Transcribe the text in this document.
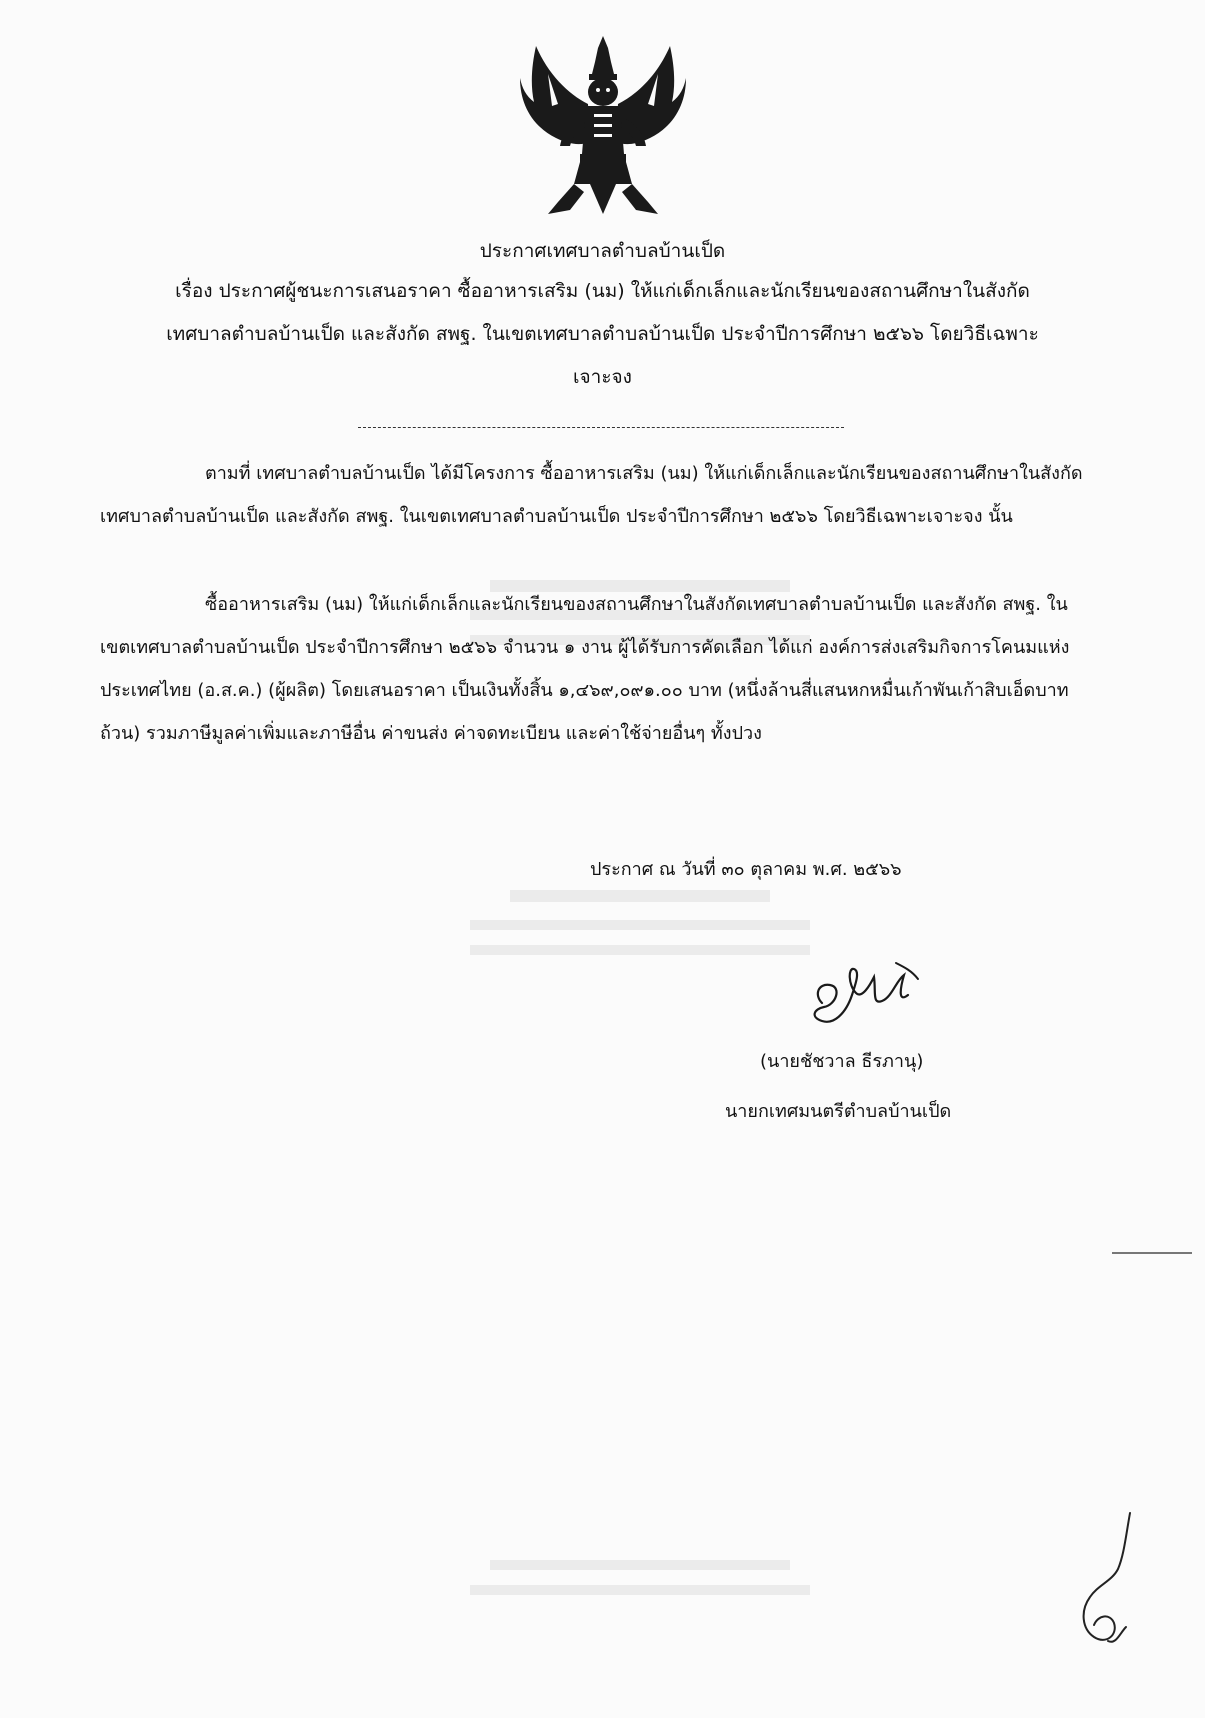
ประกาศเทศบาลตำบลบ้านเป็ด
เรื่อง ประกาศผู้ชนะการเสนอราคา ซื้ออาหารเสริม (นม) ให้แก่เด็กเล็กและนักเรียนของสถานศึกษาในสังกัด
เทศบาลตำบลบ้านเป็ด และสังกัด สพฐ. ในเขตเทศบาลตำบลบ้านเป็ด ประจำปีการศึกษา ๒๕๖๖ โดยวิธีเฉพาะ
เจาะจง
ตามที่ เทศบาลตำบลบ้านเป็ด ได้มีโครงการ ซื้ออาหารเสริม (นม) ให้แก่เด็กเล็กและนักเรียนของสถานศึกษาในสังกัดเทศบาลตำบลบ้านเป็ด และสังกัด สพฐ. ในเขตเทศบาลตำบลบ้านเป็ด ประจำปีการศึกษา ๒๕๖๖ โดยวิธีเฉพาะเจาะจง นั้น
ซื้ออาหารเสริม (นม) ให้แก่เด็กเล็กและนักเรียนของสถานศึกษาในสังกัดเทศบาลตำบลบ้านเป็ด และสังกัด สพฐ. ในเขตเทศบาลตำบลบ้านเป็ด ประจำปีการศึกษา ๒๕๖๖ จำนวน ๑ งาน ผู้ได้รับการคัดเลือก ได้แก่ องค์การส่งเสริมกิจการโคนมแห่งประเทศไทย (อ.ส.ค.) (ผู้ผลิต) โดยเสนอราคา เป็นเงินทั้งสิ้น ๑,๔๖๙,๐๙๑.๐๐ บาท (หนึ่งล้านสี่แสนหกหมื่นเก้าพันเก้าสิบเอ็ดบาทถ้วน) รวมภาษีมูลค่าเพิ่มและภาษีอื่น ค่าขนส่ง ค่าจดทะเบียน และค่าใช้จ่ายอื่นๆ ทั้งปวง
ประกาศ ณ วันที่ ๓๐ ตุลาคม พ.ศ. ๒๕๖๖
(นายชัชวาล ธีรภานุ)
นายกเทศมนตรีตำบลบ้านเป็ด
